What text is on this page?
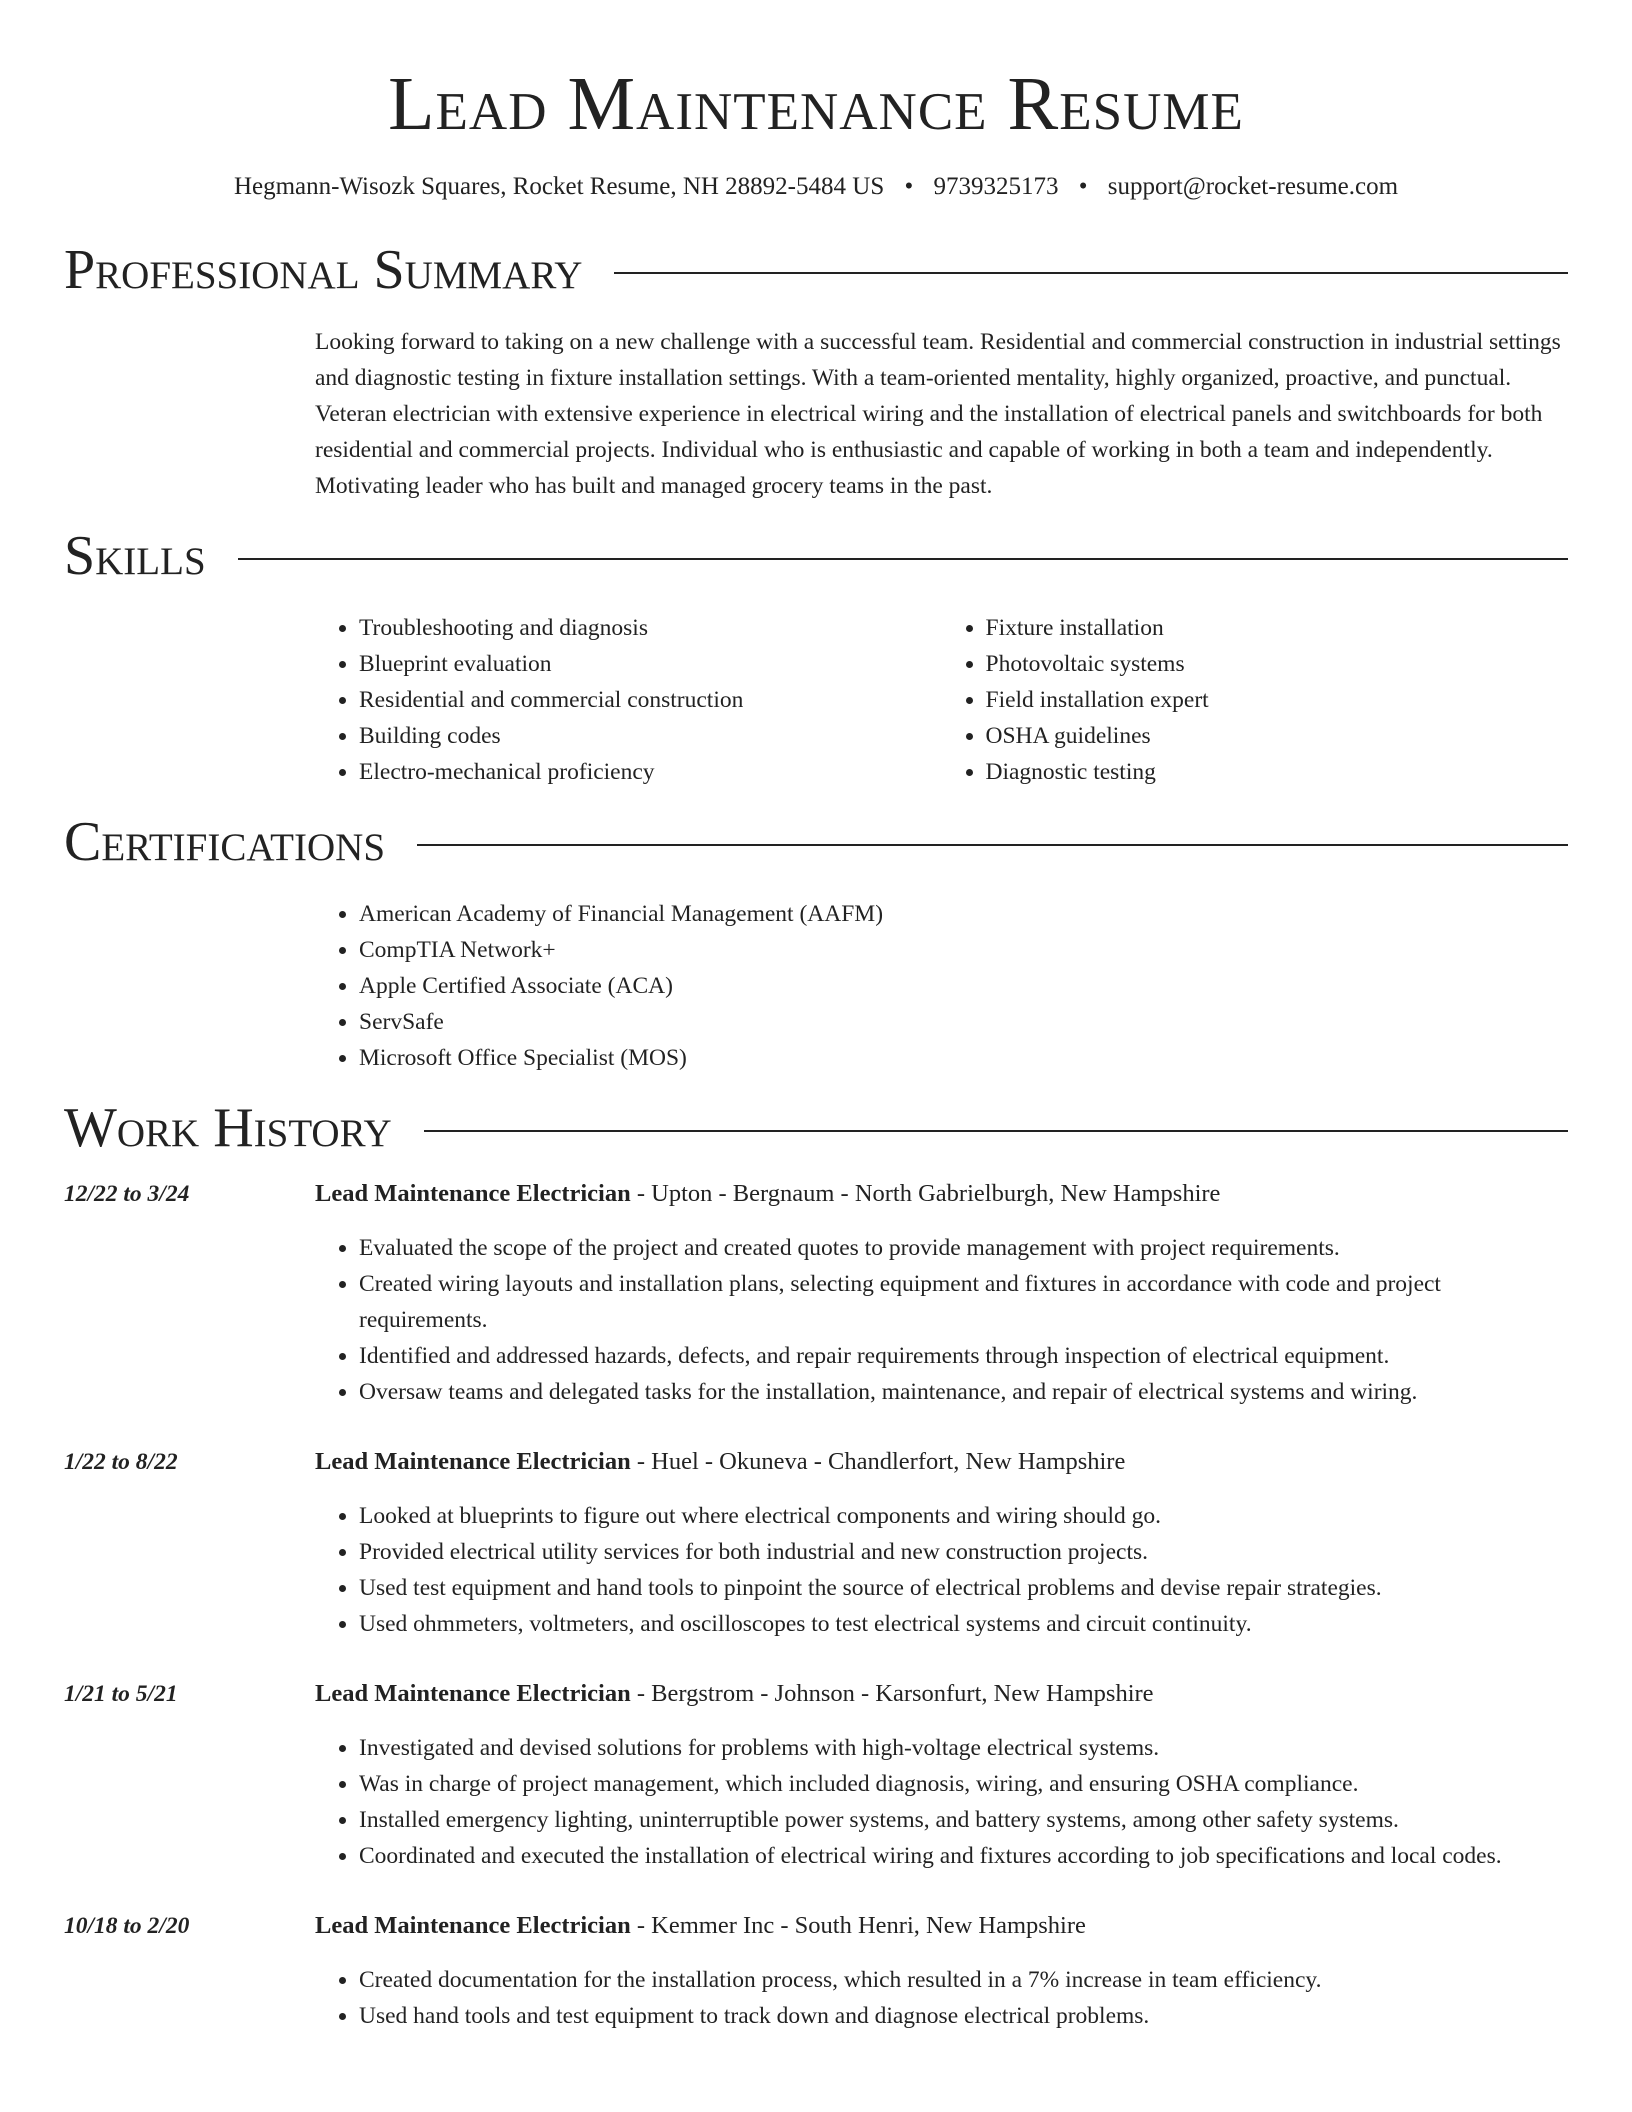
Lead Maintenance Resume
Hegmann-Wisozk Squares, Rocket Resume, NH 28892-5484 US • 9739325173 • support@rocket-resume.com
Professional Summary

Looking forward to taking on a new challenge with a successful team. Residential and commercial construction in industrial settings and diagnostic testing in fixture installation settings. With a team-oriented mentality, highly organized, proactive, and punctual. Veteran electrician with extensive experience in electrical wiring and the installation of electrical panels and switchboards for both residential and commercial projects. Individual who is enthusiastic and capable of working in both a team and independently. Motivating leader who has built and managed grocery teams in the past.

Skills
• Troubleshooting and diagnosis
• Blueprint evaluation
• Residential and commercial construction
• Building codes
• Electro-mechanical proficiency
• Fixture installation
• Photovoltaic systems
• Field installation expert
• OSHA guidelines
• Diagnostic testing
Certifications
• American Academy of Financial Management (AAFM)
• CompTIA Network+
• Apple Certified Associate (ACA)
• ServSafe
• Microsoft Office Specialist (MOS)
Work History
12/22 to 3/24	Lead Maintenance Electrician - Upton - Bergnaum - North Gabrielburgh, New Hampshire
• Evaluated the scope of the project and created quotes to provide management with project requirements.
• Created wiring layouts and installation plans, selecting equipment and fixtures in accordance with code and project requirements.
• Identified and addressed hazards, defects, and repair requirements through inspection of electrical equipment.
• Oversaw teams and delegated tasks for the installation, maintenance, and repair of electrical systems and wiring.
1/22 to 8/22	Lead Maintenance Electrician - Huel - Okuneva - Chandlerfort, New Hampshire
• Looked at blueprints to figure out where electrical components and wiring should go.
• Provided electrical utility services for both industrial and new construction projects.
• Used test equipment and hand tools to pinpoint the source of electrical problems and devise repair strategies.
• Used ohmmeters, voltmeters, and oscilloscopes to test electrical systems and circuit continuity.
1/21 to 5/21	Lead Maintenance Electrician - Bergstrom - Johnson - Karsonfurt, New Hampshire
• Investigated and devised solutions for problems with high-voltage electrical systems.
• Was in charge of project management, which included diagnosis, wiring, and ensuring OSHA compliance.
• Installed emergency lighting, uninterruptible power systems, and battery systems, among other safety systems.
• Coordinated and executed the installation of electrical wiring and fixtures according to job specifications and local codes.
10/18 to 2/20	Lead Maintenance Electrician - Kemmer Inc - South Henri, New Hampshire
• Created documentation for the installation process, which resulted in a 7% increase in team efficiency.
• Used hand tools and test equipment to track down and diagnose electrical problems.
